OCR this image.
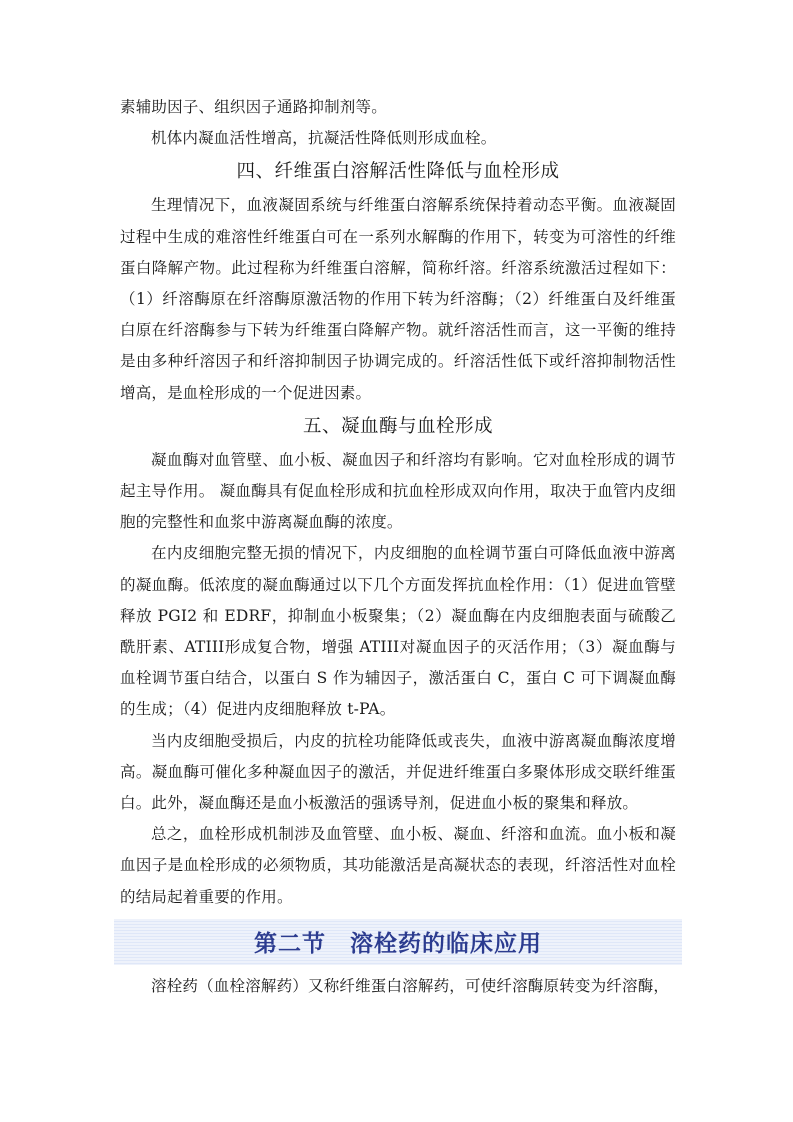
素辅助因子、组织因子通路抑制剂等。

机体内凝血活性增高，抗凝活性降低则形成血栓。

四、纤维蛋白溶解活性降低与血栓形成

生理情况下，血液凝固系统与纤维蛋白溶解系统保持着动态平衡。血液凝固过程中生成的难溶性纤维蛋白可在一系列水解酶的作用下，转变为可溶性的纤维蛋白降解产物。此过程称为纤维蛋白溶解，简称纤溶。纤溶系统激活过程如下：（1）纤溶酶原在纤溶酶原激活物的作用下转为纤溶酶；（2）纤维蛋白及纤维蛋白原在纤溶酶参与下转为纤维蛋白降解产物。就纤溶活性而言，这一平衡的维持是由多种纤溶因子和纤溶抑制因子协调完成的。纤溶活性低下或纤溶抑制物活性增高，是血栓形成的一个促进因素。

五、凝血酶与血栓形成

凝血酶对血管壁、血小板、凝血因子和纤溶均有影响。它对血栓形成的调节起主导作用。 凝血酶具有促血栓形成和抗血栓形成双向作用，取决于血管内皮细胞的完整性和血浆中游离凝血酶的浓度。

在内皮细胞完整无损的情况下，内皮细胞的血栓调节蛋白可降低血液中游离的凝血酶。低浓度的凝血酶通过以下几个方面发挥抗血栓作用：（1）促进血管壁释放 PGI2 和 EDRF，抑制血小板聚集；（2）凝血酶在内皮细胞表面与硫酸乙酰肝素、ATIII形成复合物，增强 ATIII对凝血因子的灭活作用；（3）凝血酶与血栓调节蛋白结合，以蛋白 S 作为辅因子，激活蛋白 C，蛋白 C 可下调凝血酶的生成；（4）促进内皮细胞释放 t-PA。

当内皮细胞受损后，内皮的抗栓功能降低或丧失，血液中游离凝血酶浓度增高。凝血酶可催化多种凝血因子的激活，并促进纤维蛋白多聚体形成交联纤维蛋白。此外，凝血酶还是血小板激活的强诱导剂，促进血小板的聚集和释放。

总之，血栓形成机制涉及血管壁、血小板、凝血、纤溶和血流。血小板和凝血因子是血栓形成的必须物质，其功能激活是高凝状态的表现，纤溶活性对血栓的结局起着重要的作用。

第二节　溶栓药的临床应用

溶栓药（血栓溶解药）又称纤维蛋白溶解药，可使纤溶酶原转变为纤溶酶，
